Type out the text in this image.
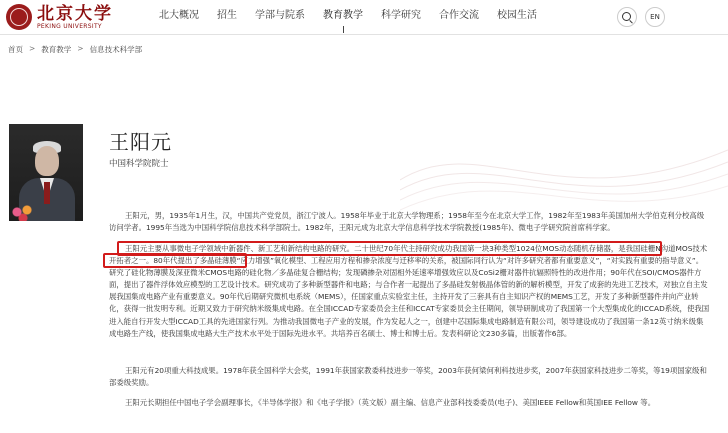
北京大学
PEKING UNIVERSITY
北大概况	招生	学部与院系	教育教学	科学研究	合作交流	校园生活	EN
首页 > 教育教学 > 信息技术科学部
王阳元
中国科学院院士
王阳元，男，1935年1月生，汉，中国共产党党员，浙江宁波人。1958年毕业于北京大学物理系；1958年至今在北京大学工作，1982年至1983年美国加州大学伯克利分校高级访问学者。1995年当选为中国科学院信息技术科学部院士。1982年，王阳元成为北京大学信息科学技术学院教授(1985年)、微电子学研究院首席科学家。
王阳元主要从事微电子学领域中新器件、新工艺和新结构电路的研究。二十世纪70年代主持研究成功我国第一块3种类型1024位MOS动态随机存储器，是我国硅栅N沟道MOS技术开拓者之一。80年代提出了多晶硅薄膜“应力增强”氧化模型、工程应用方程和掺杂浓度与迁移率的关系，被国际同行认为“对许多研究者都有重要意义”，“对实践有重要的指导意义”。研究了硅化物薄膜及深亚微米CMOS电路的硅化物／多晶硅复合栅结构；发现磷掺杂对固相外延速率增强效应以及CoSi2栅对器件抗辐照特性的改进作用；90年代在SOI/CMOS器件方面，提出了器件浮体效应模型的工艺设计技术。研究成功了多种新型器件和电路；与合作者一起提出了多晶硅发射极晶体管的新的解析模型，开发了成套的先进工艺技术，对独立自主发展我国集成电路产业有重要意义。90年代后期研究微机电系统（MEMS），任国家重点实验室主任，主持开发了三套具有自主知识产权的MEMS工艺，开发了多种新型器件并向产业转化，获得一批发明专利。近期又致力于研究纳米级集成电路。在全国ICCAD专家委员会主任和ICCAT专家委员会主任期间，领导研制成功了我国第一个大型集成化的ICCAD系统，使我国进入能自行开发大型ICCAD工具的先进国家行列。为推动我国微电子产业的发展，作为发起人之一，创建中芯国际集成电路制造有限公司，领导建设成功了我国第一条12英寸纳米级集成电路生产线，使我国集成电路大生产技术水平处于国际先进水平。共培养百名硕士、博士和博士后。发表科研论文230多篇，出版著作6部。
王阳元有20项重大科技成果。1978年获全国科学大会奖，1991年获国家教委科技进步一等奖，2003年获何梁何利科技进步奖，2007年获国家科技进步二等奖，等19项国家级和部委级奖励。
王阳元长期担任中国电子学会副理事长，《半导体学报》和《电子学报》（英文版）副主编、信息产业部科技委委员(电子)、美国IEEE Fellow和英国IEE Fellow 等。
